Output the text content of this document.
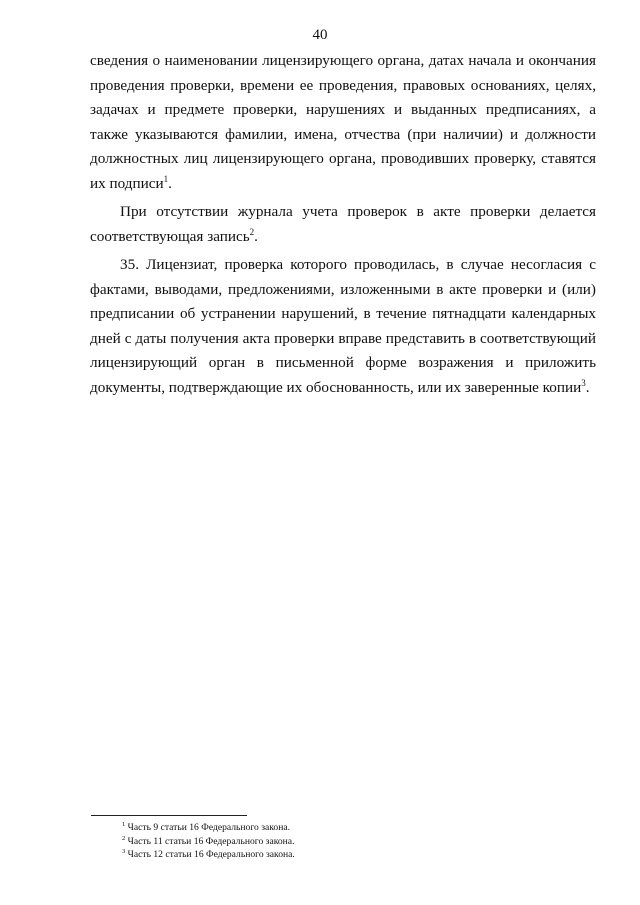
40

сведения о наименовании лицензирующего органа, датах начала и окончания проведения проверки, времени ее проведения, правовых основаниях, целях, задачах и предмете проверки, нарушениях и выданных предписаниях, а также указываются фамилии, имена, отчества (при наличии) и должности должностных лиц лицензирующего органа, проводивших проверку, ставятся их подписи$^1$.

При отсутствии журнала учета проверок в акте проверки делается соответствующая запись$^2$.

35. Лицензиат, проверка которого проводилась, в случае несогласия с фактами, выводами, предложениями, изложенными в акте проверки и (или) предписании об устранении нарушений, в течение пятнадцати календарных дней с даты получения акта проверки вправе представить в соответствующий лицензирующий орган в письменной форме возражения и приложить документы, подтверждающие их обоснованность, или их заверенные копии$^3$.

$^1$ Часть 9 статьи 16 Федерального закона.
$^2$ Часть 11 статьи 16 Федерального закона.
$^3$ Часть 12 статьи 16 Федерального закона.
